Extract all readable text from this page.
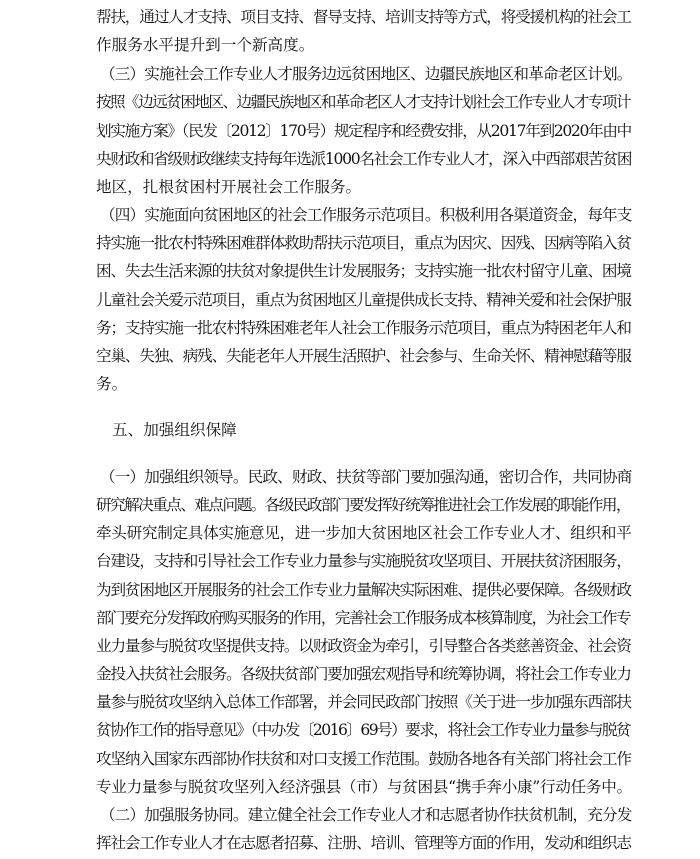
帮扶，通过人才支持、项目支持、督导支持、培训支持等方式，将受援机构的社会工
作服务水平提升到一个新高度。
（三）实施社会工作专业人才服务边远贫困地区、边疆民族地区和革命老区计划。
按照《边远贫困地区、边疆民族地区和革命老区人才支持计划社会工作专业人才专项计
划实施方案》（民发〔2012〕170号）规定程序和经费安排，从2017年到2020年由中
央财政和省级财政继续支持每年选派1000名社会工作专业人才，深入中西部艰苦贫困
地区，扎根贫困村开展社会工作服务。
（四）实施面向贫困地区的社会工作服务示范项目。积极利用各渠道资金，每年支
持实施一批农村特殊困难群体救助帮扶示范项目，重点为因灾、因残、因病等陷入贫
困、失去生活来源的扶贫对象提供生计发展服务；支持实施一批农村留守儿童、困境
儿童社会关爱示范项目，重点为贫困地区儿童提供成长支持、精神关爱和社会保护服
务；支持实施一批农村特殊困难老年人社会工作服务示范项目，重点为特困老年人和
空巢、失独、病残、失能老年人开展生活照护、社会参与、生命关怀、精神慰藉等服
务。
五、加强组织保障
（一）加强组织领导。民政、财政、扶贫等部门要加强沟通，密切合作，共同协商
研究解决重点、难点问题。各级民政部门要发挥好统筹推进社会工作发展的职能作用，
牵头研究制定具体实施意见，进一步加大贫困地区社会工作专业人才、组织和平
台建设，支持和引导社会工作专业力量参与实施脱贫攻坚项目、开展扶贫济困服务，
为到贫困地区开展服务的社会工作专业力量解决实际困难、提供必要保障。各级财政
部门要充分发挥政府购买服务的作用，完善社会工作服务成本核算制度，为社会工作专
业力量参与脱贫攻坚提供支持。以财政资金为牵引，引导整合各类慈善资金、社会资
金投入扶贫社会服务。各级扶贫部门要加强宏观指导和统筹协调，将社会工作专业力
量参与脱贫攻坚纳入总体工作部署，并会同民政部门按照《关于进一步加强东西部扶
贫协作工作的指导意见》（中办发〔2016〕69号）要求，将社会工作专业力量参与脱贫
攻坚纳入国家东西部协作扶贫和对口支援工作范围。鼓励各地各有关部门将社会工作
专业力量参与脱贫攻坚列入经济强县（市）与贫困县“携手奔小康”行动任务中。
（二）加强服务协同。建立健全社会工作专业人才和志愿者协作扶贫机制，充分发
挥社会工作专业人才在志愿者招募、注册、培训、管理等方面的作用，发动和组织志
